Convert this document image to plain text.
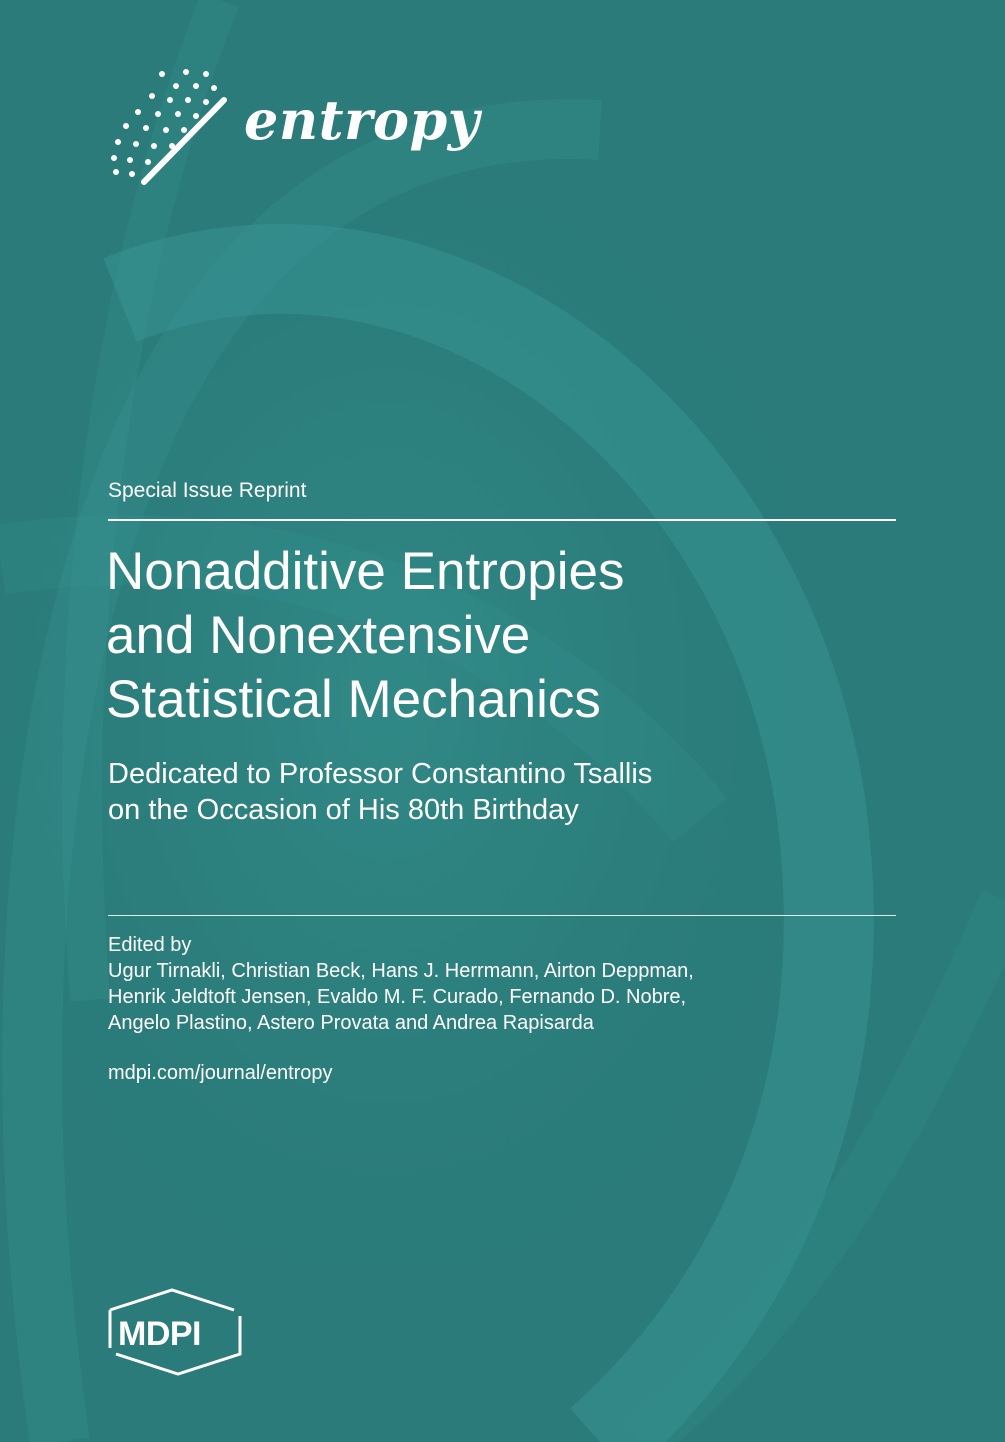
entropy
Special Issue Reprint
Nonadditive Entropies
and Nonextensive
Statistical Mechanics
Dedicated to Professor Constantino Tsallis
on the Occasion of His 80th Birthday
Edited by
Ugur Tirnakli, Christian Beck, Hans J. Herrmann, Airton Deppman,
Henrik Jeldtoft Jensen, Evaldo M. F. Curado, Fernando D. Nobre,
Angelo Plastino, Astero Provata and Andrea Rapisarda
mdpi.com/journal/entropy
MDPI
